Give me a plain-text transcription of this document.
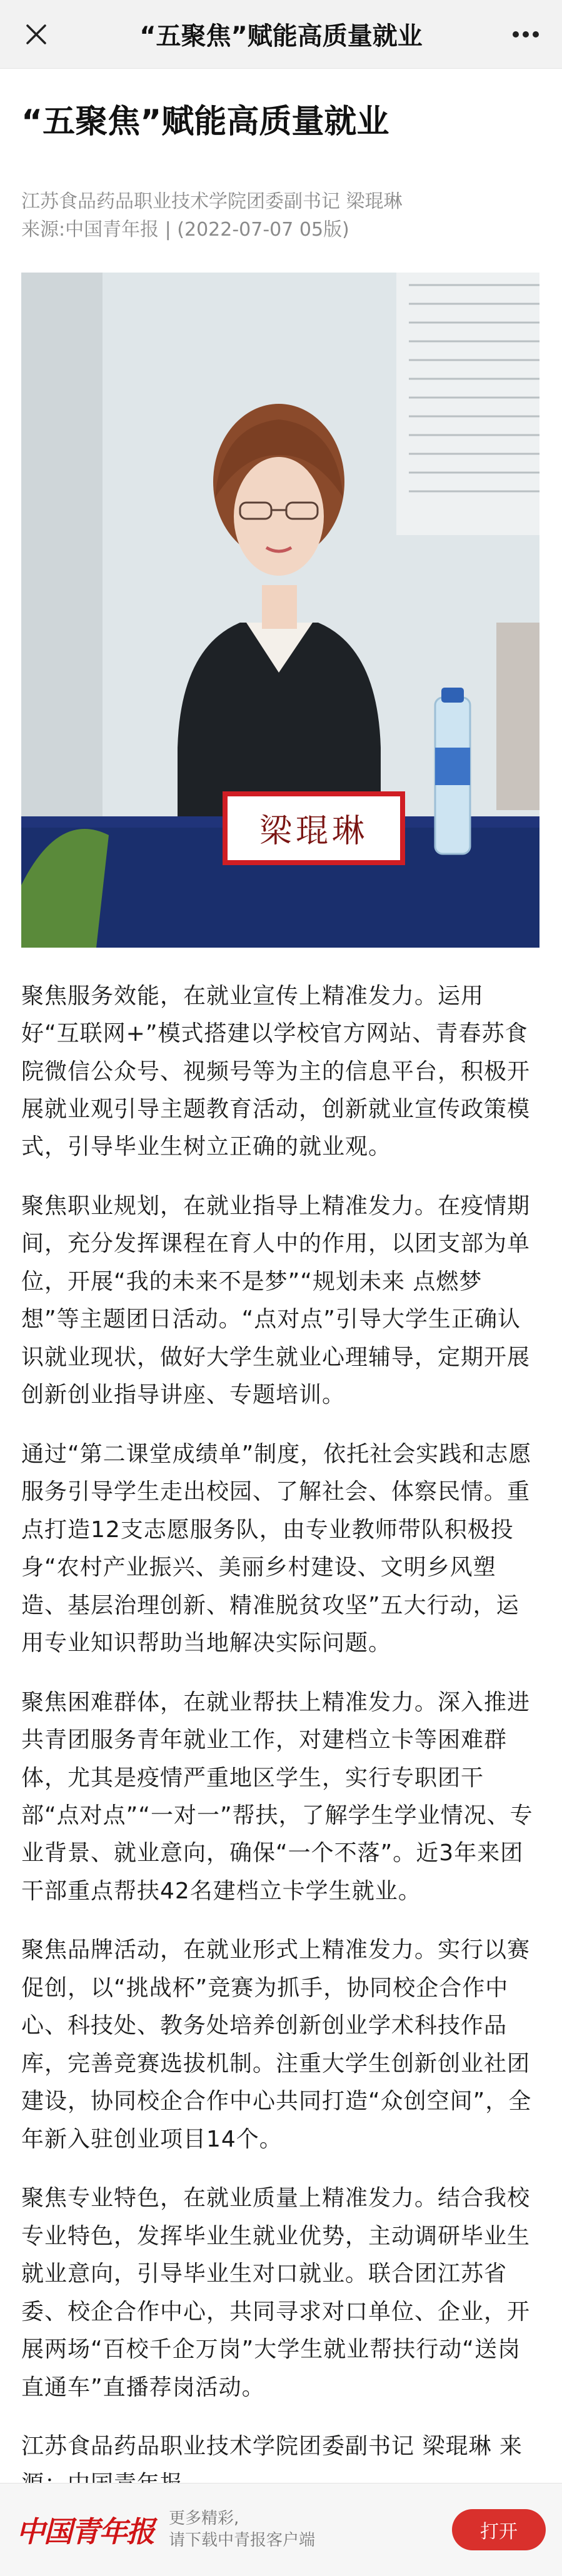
“五聚焦”赋能高质量就业
“五聚焦”赋能高质量就业
江苏食品药品职业技术学院团委副书记 梁琨琳
来源:中国青年报 | (2022-07-07 05版)
梁琨琳

聚焦服务效能，在就业宣传上精准发力。运用好“互联网+”模式搭建以学校官方网站、青春苏食院微信公众号、视频号等为主的信息平台，积极开展就业观引导主题教育活动，创新就业宣传政策模式，引导毕业生树立正确的就业观。

聚焦职业规划，在就业指导上精准发力。在疫情期间，充分发挥课程在育人中的作用，以团支部为单位，开展“我的未来不是梦”“规划未来 点燃梦想”等主题团日活动。“点对点”引导大学生正确认识就业现状，做好大学生就业心理辅导，定期开展创新创业指导讲座、专题培训。

通过“第二课堂成绩单”制度，依托社会实践和志愿服务引导学生走出校园、了解社会、体察民情。重点打造12支志愿服务队，由专业教师带队积极投身“农村产业振兴、美丽乡村建设、文明乡风塑造、基层治理创新、精准脱贫攻坚”五大行动，运用专业知识帮助当地解决实际问题。

聚焦困难群体，在就业帮扶上精准发力。深入推进共青团服务青年就业工作，对建档立卡等困难群体，尤其是疫情严重地区学生，实行专职团干部“点对点”“一对一”帮扶，了解学生学业情况、专业背景、就业意向，确保“一个不落”。近3年来团干部重点帮扶42名建档立卡学生就业。

聚焦品牌活动，在就业形式上精准发力。实行以赛促创，以“挑战杯”竞赛为抓手，协同校企合作中心、科技处、教务处培养创新创业学术科技作品库，完善竞赛选拔机制。注重大学生创新创业社团建设，协同校企合作中心共同打造“众创空间”，全年新入驻创业项目14个。

聚焦专业特色，在就业质量上精准发力。结合我校专业特色，发挥毕业生就业优势，主动调研毕业生就业意向，引导毕业生对口就业。联合团江苏省委、校企合作中心，共同寻求对口单位、企业，开展两场“百校千企万岗”大学生就业帮扶行动“送岗直通车”直播荐岗活动。

江苏食品药品职业技术学院团委副书记 梁琨琳 来

中国青年报 更多精彩,
请下载中青报客户端	打开
